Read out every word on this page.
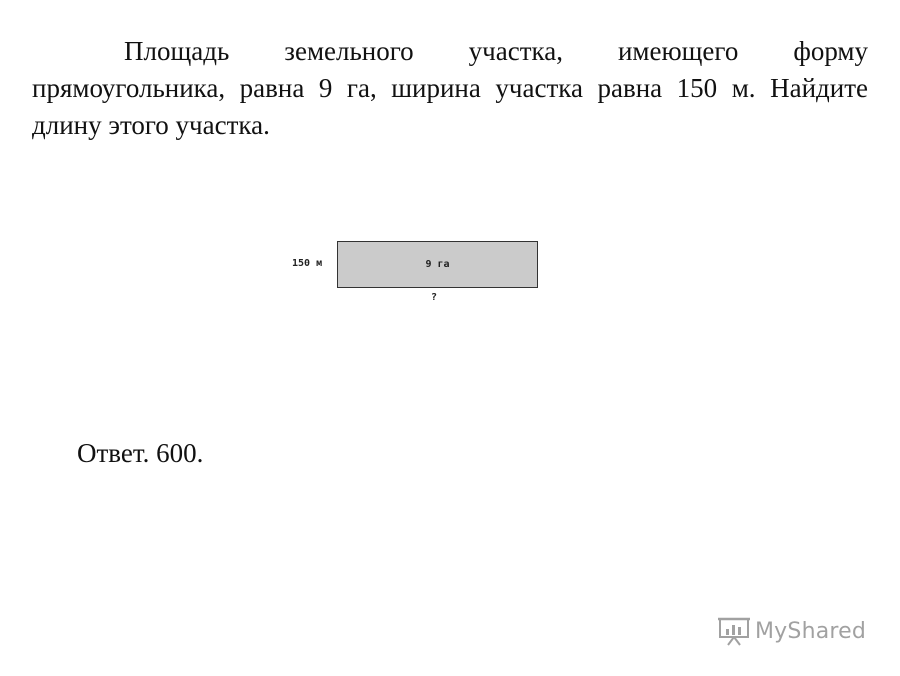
Площадь земельного участка, имеющего форму прямоугольника, равна 9 га, ширина участка равна 150 м. Найдите длину этого участка.

150 м	9 га
?

Ответ. 600.

MyShared
